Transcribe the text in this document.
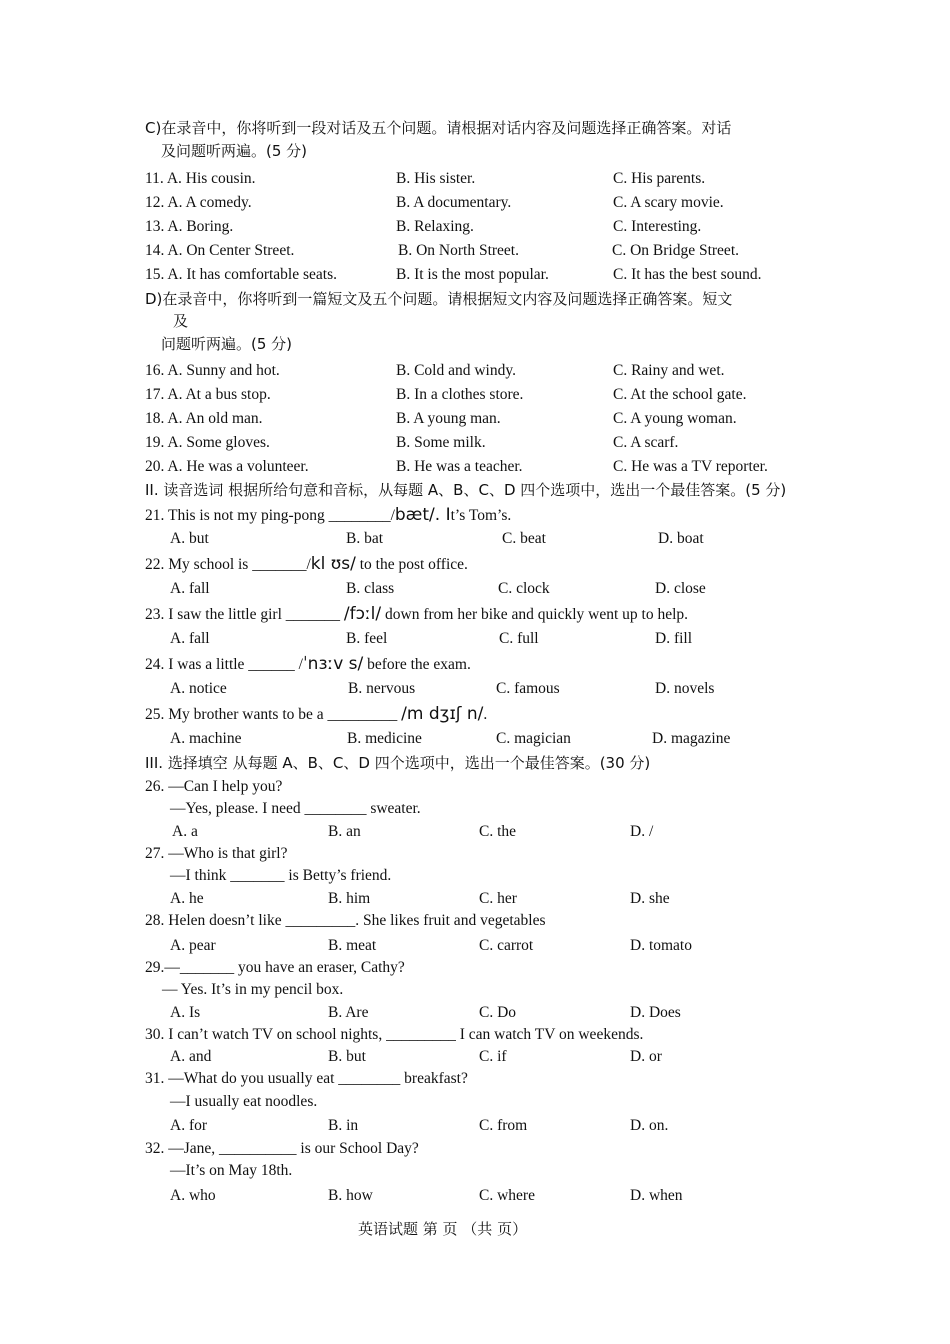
C)在录音中，你将听到一段对话及五个问题。请根据对话内容及问题选择正确答案。对话
及问题听两遍。(5 分)
11. A. His cousin.	B. His sister.	C. His parents.
12. A. A comedy.	B. A documentary.	C. A scary movie.
13. A. Boring.	B. Relaxing.	C. Interesting.
14. A. On Center Street.	B. On North Street.	C. On Bridge Street.
15. A. It has comfortable seats.	B. It is the most popular.	C. It has the best sound.
D)在录音中，你将听到一篇短文及五个问题。请根据短文内容及问题选择正确答案。短文
及
问题听两遍。(5 分)
16. A. Sunny and hot.	B. Cold and windy.	C. Rainy and wet.
17. A. At a bus stop.	B. In a clothes store.	C. At the school gate.
18. A. An old man.	B. A young man.	C. A young woman.
19. A. Some gloves.	B. Some milk.	C. A scarf.
20. A. He was a volunteer.	B. He was a teacher.	C. He was a TV reporter.
II. 读音选词 根据所给句意和音标，从每题 A、B、C、D 四个选项中，选出一个最佳答案。(5 分)
21. This is not my ping-pong ________/bæt/. It’s Tom’s.
A. but	B. bat	C. beat	D. boat
22. My school is _______/kl ʊs/ to the post office.
A. fall	B. class	C. clock	D. close
23. I saw the little girl _______ /fɔːl/ down from her bike and quickly went up to help.
A. fall	B. feel	C. full	D. fill
24. I was a little ______ /ˈnɜːv s/ before the exam.
A. notice	B. nervous	C. famous	D. novels
25. My brother wants to be a _________ /m dʒɪʃ n/.
A. machine	B. medicine	C. magician	D. magazine
III. 选择填空 从每题 A、B、C、D 四个选项中，选出一个最佳答案。(30 分)
26. —Can I help you?
—Yes, please. I need ________ sweater.
A. a	B. an	C. the	D. /
27. —Who is that girl?
—I think _______ is Betty’s friend.
A. he	B. him	C. her	D. she
28. Helen doesn’t like _________. She likes fruit and vegetables
A. pear	B. meat	C. carrot	D. tomato
29.—_______ you have an eraser, Cathy?
— Yes. It’s in my pencil box.
A. Is	B. Are	C. Do	D. Does
30. I can’t watch TV on school nights, _________ I can watch TV on weekends.
A. and	B. but	C. if	D. or
31. —What do you usually eat ________ breakfast?
—I usually eat noodles.
A. for	B. in	C. from	D. on.
32. —Jane, __________ is our School Day?
—It’s on May 18th.
A. who	B. how	C. where	D. when
英语试题 第 页 （共 页）
